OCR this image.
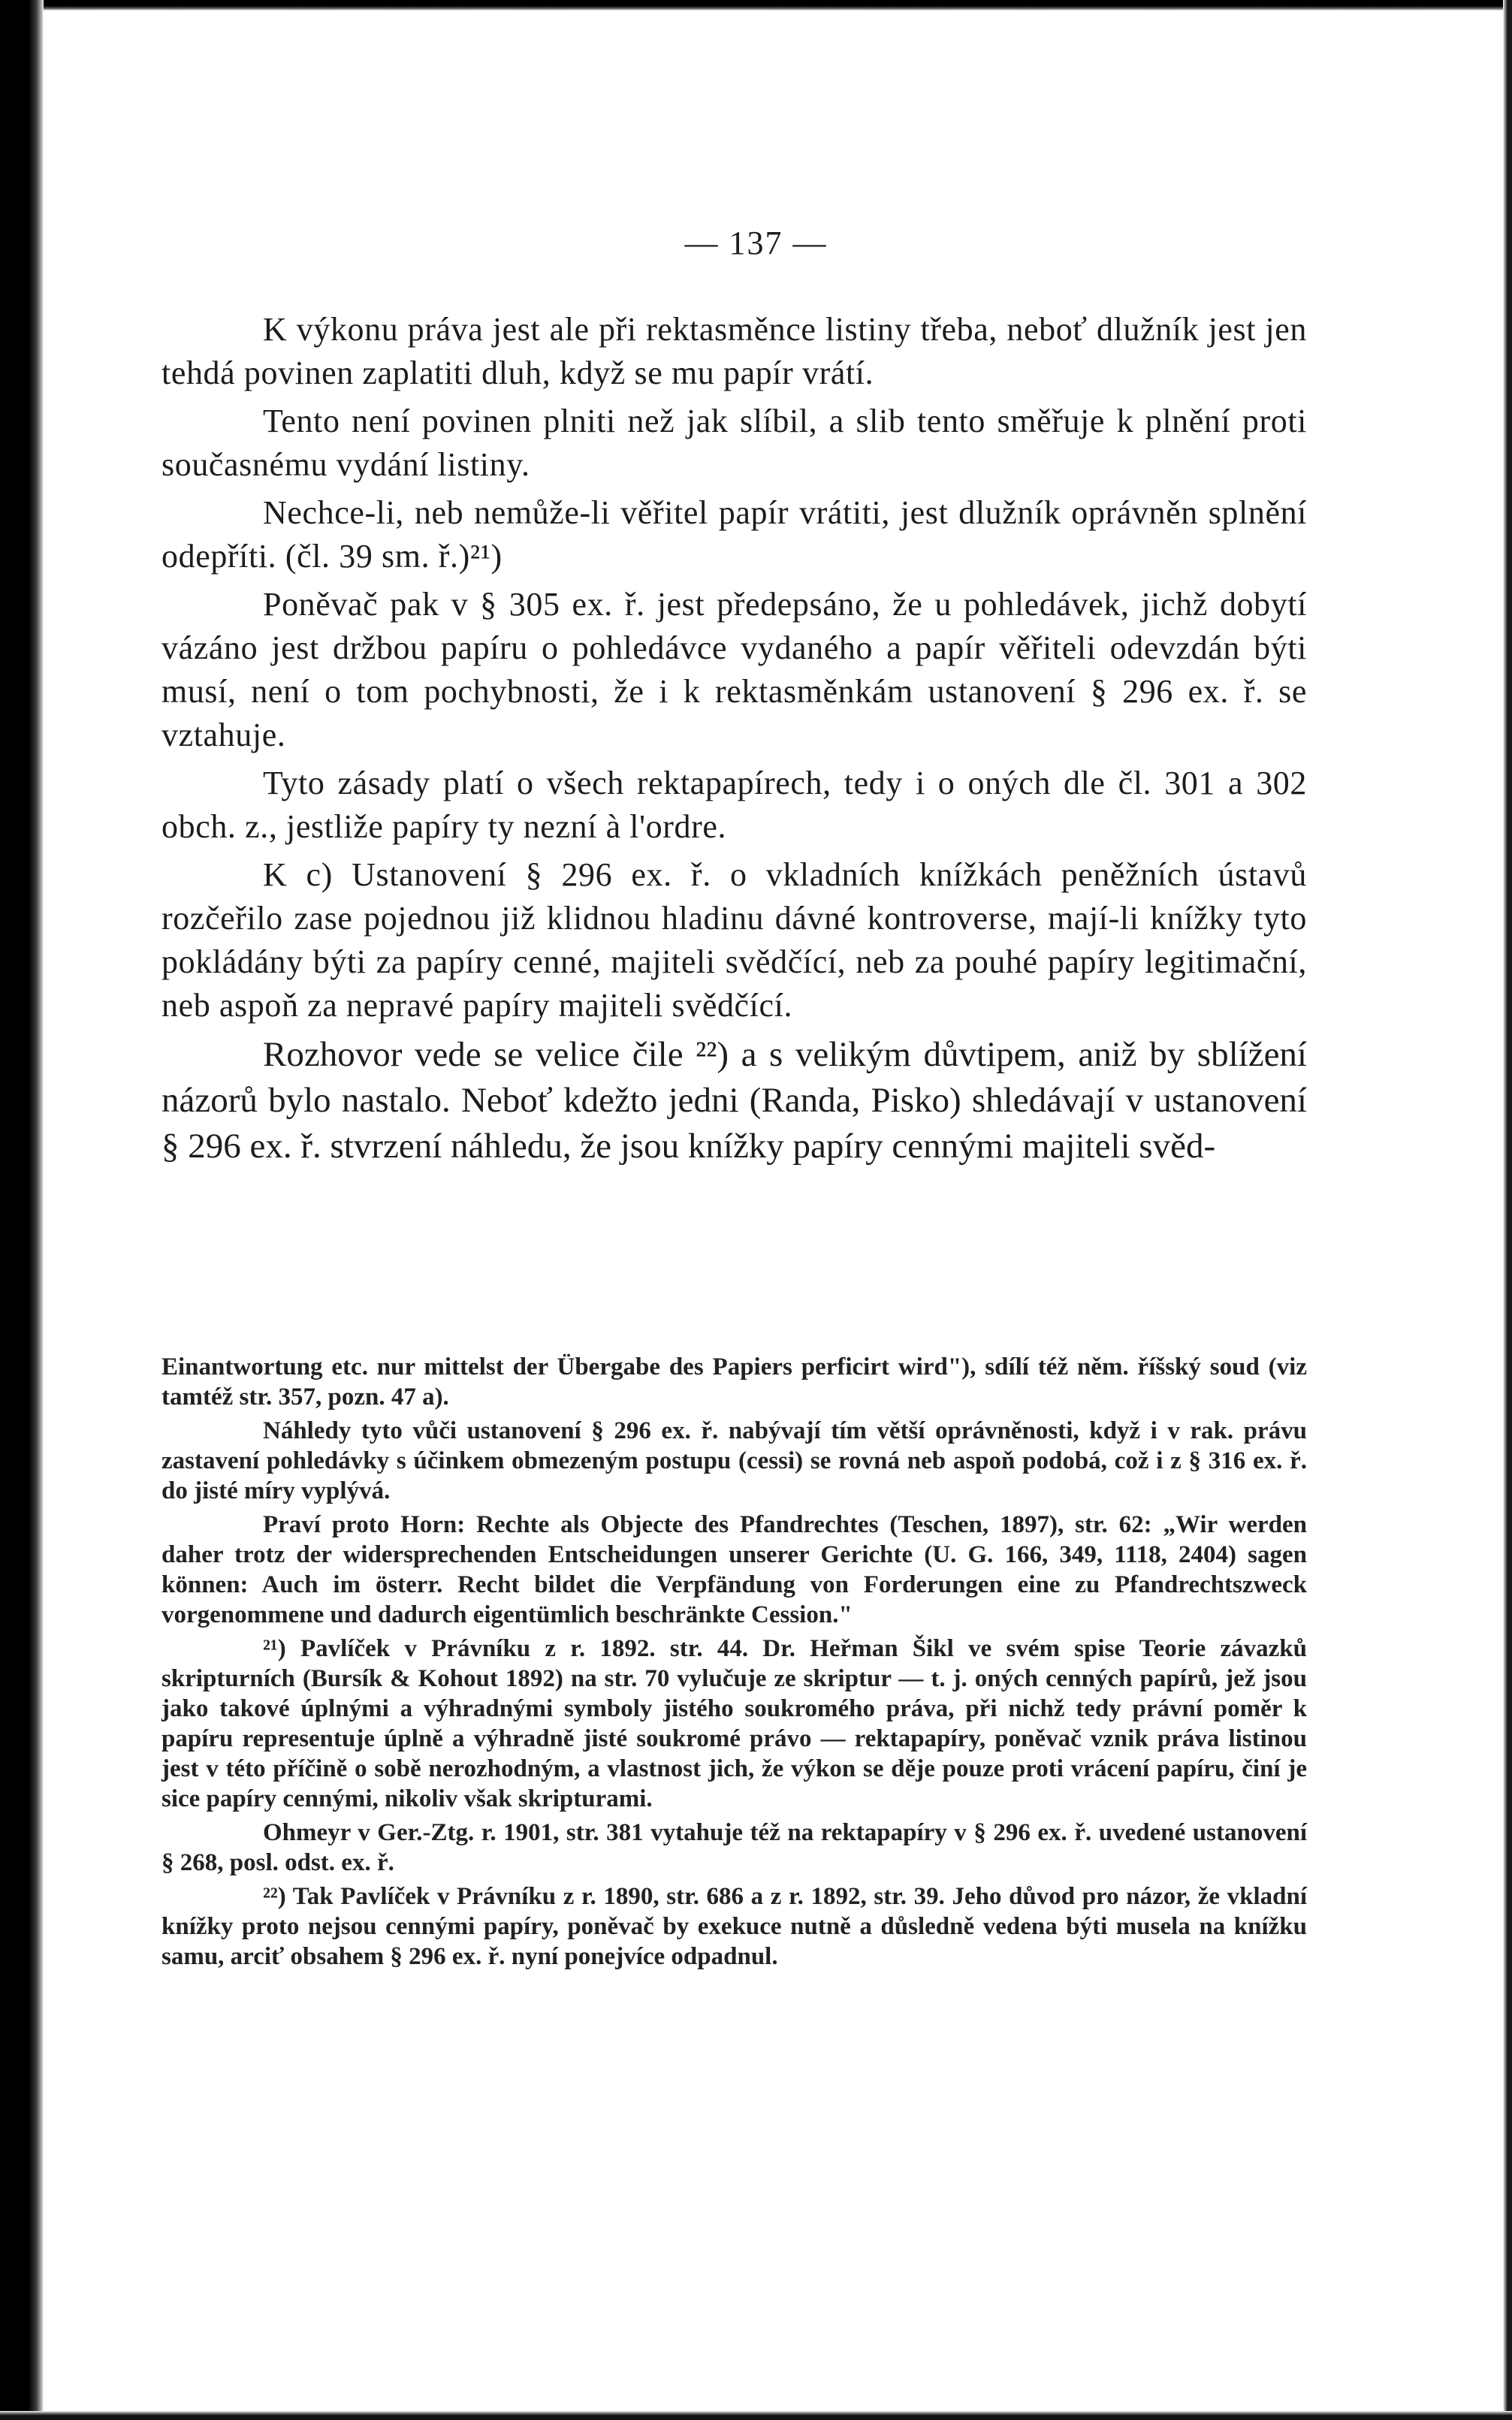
— 137 —

K výkonu práva jest ale při rektasměnce listiny třeba, neboť dlužník jest jen tehdá povinen zaplatiti dluh, když se mu papír vrátí.

Tento není povinen plniti než jak slíbil, a slib tento směřuje k plnění proti současnému vydání listiny.

Nechce-li, neb nemůže-li věřitel papír vrátiti, jest dlužník oprávněn splnění odepříti. (čl. 39 sm. ř.)²¹)

Poněvač pak v § 305 ex. ř. jest předepsáno, že u pohledávek, jichž dobytí vázáno jest držbou papíru o pohledávce vydaného a papír věřiteli odevzdán býti musí, není o tom pochybnosti, že i k rektasměnkám ustanovení § 296 ex. ř. se vztahuje.

Tyto zásady platí o všech rektapapírech, tedy i o oných dle čl. 301 a 302 obch. z., jestliže papíry ty nezní à l'ordre.

K c) Ustanovení § 296 ex. ř. o vkladních knížkách peněžních ústavů rozčeřilo zase pojednou již klidnou hladinu dávné kontroverse, mají-li knížky tyto pokládány býti za papíry cenné, majiteli svědčící, neb za pouhé papíry legitimační, neb aspoň za nepravé papíry majiteli svědčící.

Rozhovor vede se velice čile ²²) a s velikým důvtipem, aniž by sblížení názorů bylo nastalo. Neboť kdežto jedni (Randa, Pisko) shledávají v ustanovení § 296 ex. ř. stvrzení náhledu, že jsou knížky papíry cennými majiteli svěd-

Einantwortung etc. nur mittelst der Übergabe des Papiers perficirt wird"), sdílí též něm. říšský soud (viz tamtéž str. 357, pozn. 47 a).

Náhledy tyto vůči ustanovení § 296 ex. ř. nabývají tím větší oprávněnosti, když i v rak. právu zastavení pohledávky s účinkem obmezeným postupu (cessi) se rovná neb aspoň podobá, což i z § 316 ex. ř. do jisté míry vyplývá.

Praví proto Horn: Rechte als Objecte des Pfandrechtes (Teschen, 1897), str. 62: „Wir werden daher trotz der widersprechenden Entscheidungen unserer Gerichte (U. G. 166, 349, 1118, 2404) sagen können: Auch im österr. Recht bildet die Verpfändung von Forderungen eine zu Pfandrechtszweck vorgenommene und dadurch eigentümlich beschränkte Cession."

²¹) Pavlíček v Právníku z r. 1892. str. 44. Dr. Heřman Šikl ve svém spise Teorie závazků skripturních (Bursík & Kohout 1892) na str. 70 vylučuje ze skriptur — t. j. oných cenných papírů, jež jsou jako takové úplnými a výhradnými symboly jistého soukromého práva, při nichž tedy právní poměr k papíru representuje úplně a výhradně jisté soukromé právo — rektapapíry, poněvač vznik práva listinou jest v této příčině o sobě nerozhodným, a vlastnost jich, že výkon se děje pouze proti vrácení papíru, činí je sice papíry cennými, nikoliv však skripturami.

Ohmeyr v Ger.-Ztg. r. 1901, str. 381 vytahuje též na rektapapíry v § 296 ex. ř. uvedené ustanovení § 268, posl. odst. ex. ř.

²²) Tak Pavlíček v Právníku z r. 1890, str. 686 a z r. 1892, str. 39. Jeho důvod pro názor, že vkladní knížky proto nejsou cennými papíry, poněvač by exekuce nutně a důsledně vedena býti musela na knížku samu, arciť obsahem § 296 ex. ř. nyní ponejvíce odpadnul.
